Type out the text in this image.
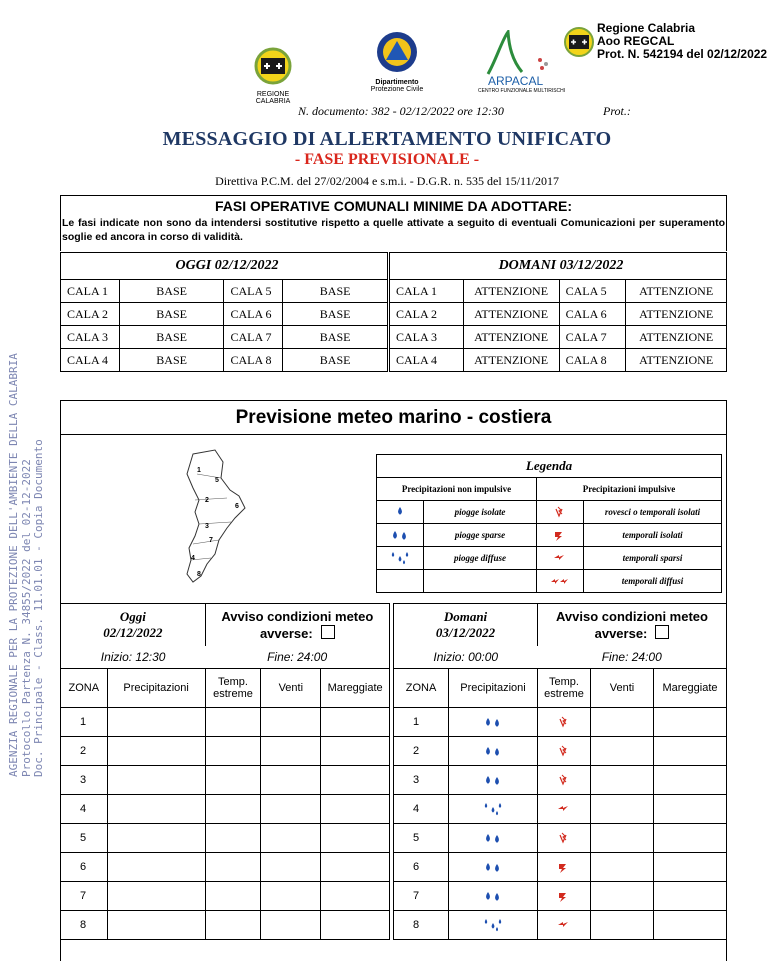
REGIONE CALABRIA
Dipartimento
Protezione Civile
ARPACAL
CENTRO FUNZIONALE MULTIRISCHI
Regione Calabria
Aoo REGCAL
Prot. N. 542194 del 02/12/2022
N. documento: 382 - 02/12/2022 ore 12:30	Prot.:
MESSAGGIO DI ALLERTAMENTO UNIFICATO
- FASE PREVISIONALE -
Direttiva P.C.M. del 27/02/2004 e s.m.i. - D.G.R. n. 535 del 15/11/2017
FASI OPERATIVE COMUNALI MINIME DA ADOTTARE:
Le fasi indicate non sono da intendersi sostitutive rispetto a quelle attivate a seguito di eventuali Comunicazioni per superamento soglie ed ancora in corso di validità.
OGGI 02/12/2022			
CALA 1	BASE	CALA 5	BASE
CALA 2	BASE	CALA 6	BASE
CALA 3	BASE	CALA 7	BASE
CALA 4	BASE	CALA 8	BASE
DOMANI 03/12/2022			
CALA 1	ATTENZIONE	CALA 5	ATTENZIONE
CALA 2	ATTENZIONE	CALA 6	ATTENZIONE
CALA 3	ATTENZIONE	CALA 7	ATTENZIONE
CALA 4	ATTENZIONE	CALA 8	ATTENZIONE
Previsione meteo marino - costiera
1
2
3
4
5
6
7
8
Legenda			
Precipitazioni non impulsive		Precipitazioni impulsive	
	piogge isolate		rovesci o temporali isolati
	piogge sparse		temporali isolati
	piogge diffuse		temporali sparsi
			temporali diffusi
Oggi
02/12/2022		Avviso condizioni meteo avverse:		
Inizio: 12:30		Fine: 24:00		
ZONA	Precipitazioni	Temp. estreme	Venti	Mareggiate
1				
2				
3				
4				
5				
6				
7				
8				
Domani
03/12/2022		Avviso condizioni meteo avverse:		
Inizio: 00:00		Fine: 24:00		
ZONA	Precipitazioni	Temp. estreme	Venti	Mareggiate
1				
2				
3				
4				
5				
6				
7				
8				
AGENZIA REGIONALE PER LA PROTEZIONE DELL'AMBIENTE DELLA CALABRIA Protocollo Partenza N. 34855/2022 del 02-12-2022 Doc. Principale - Class. 11.01.01 - Copia Documento
